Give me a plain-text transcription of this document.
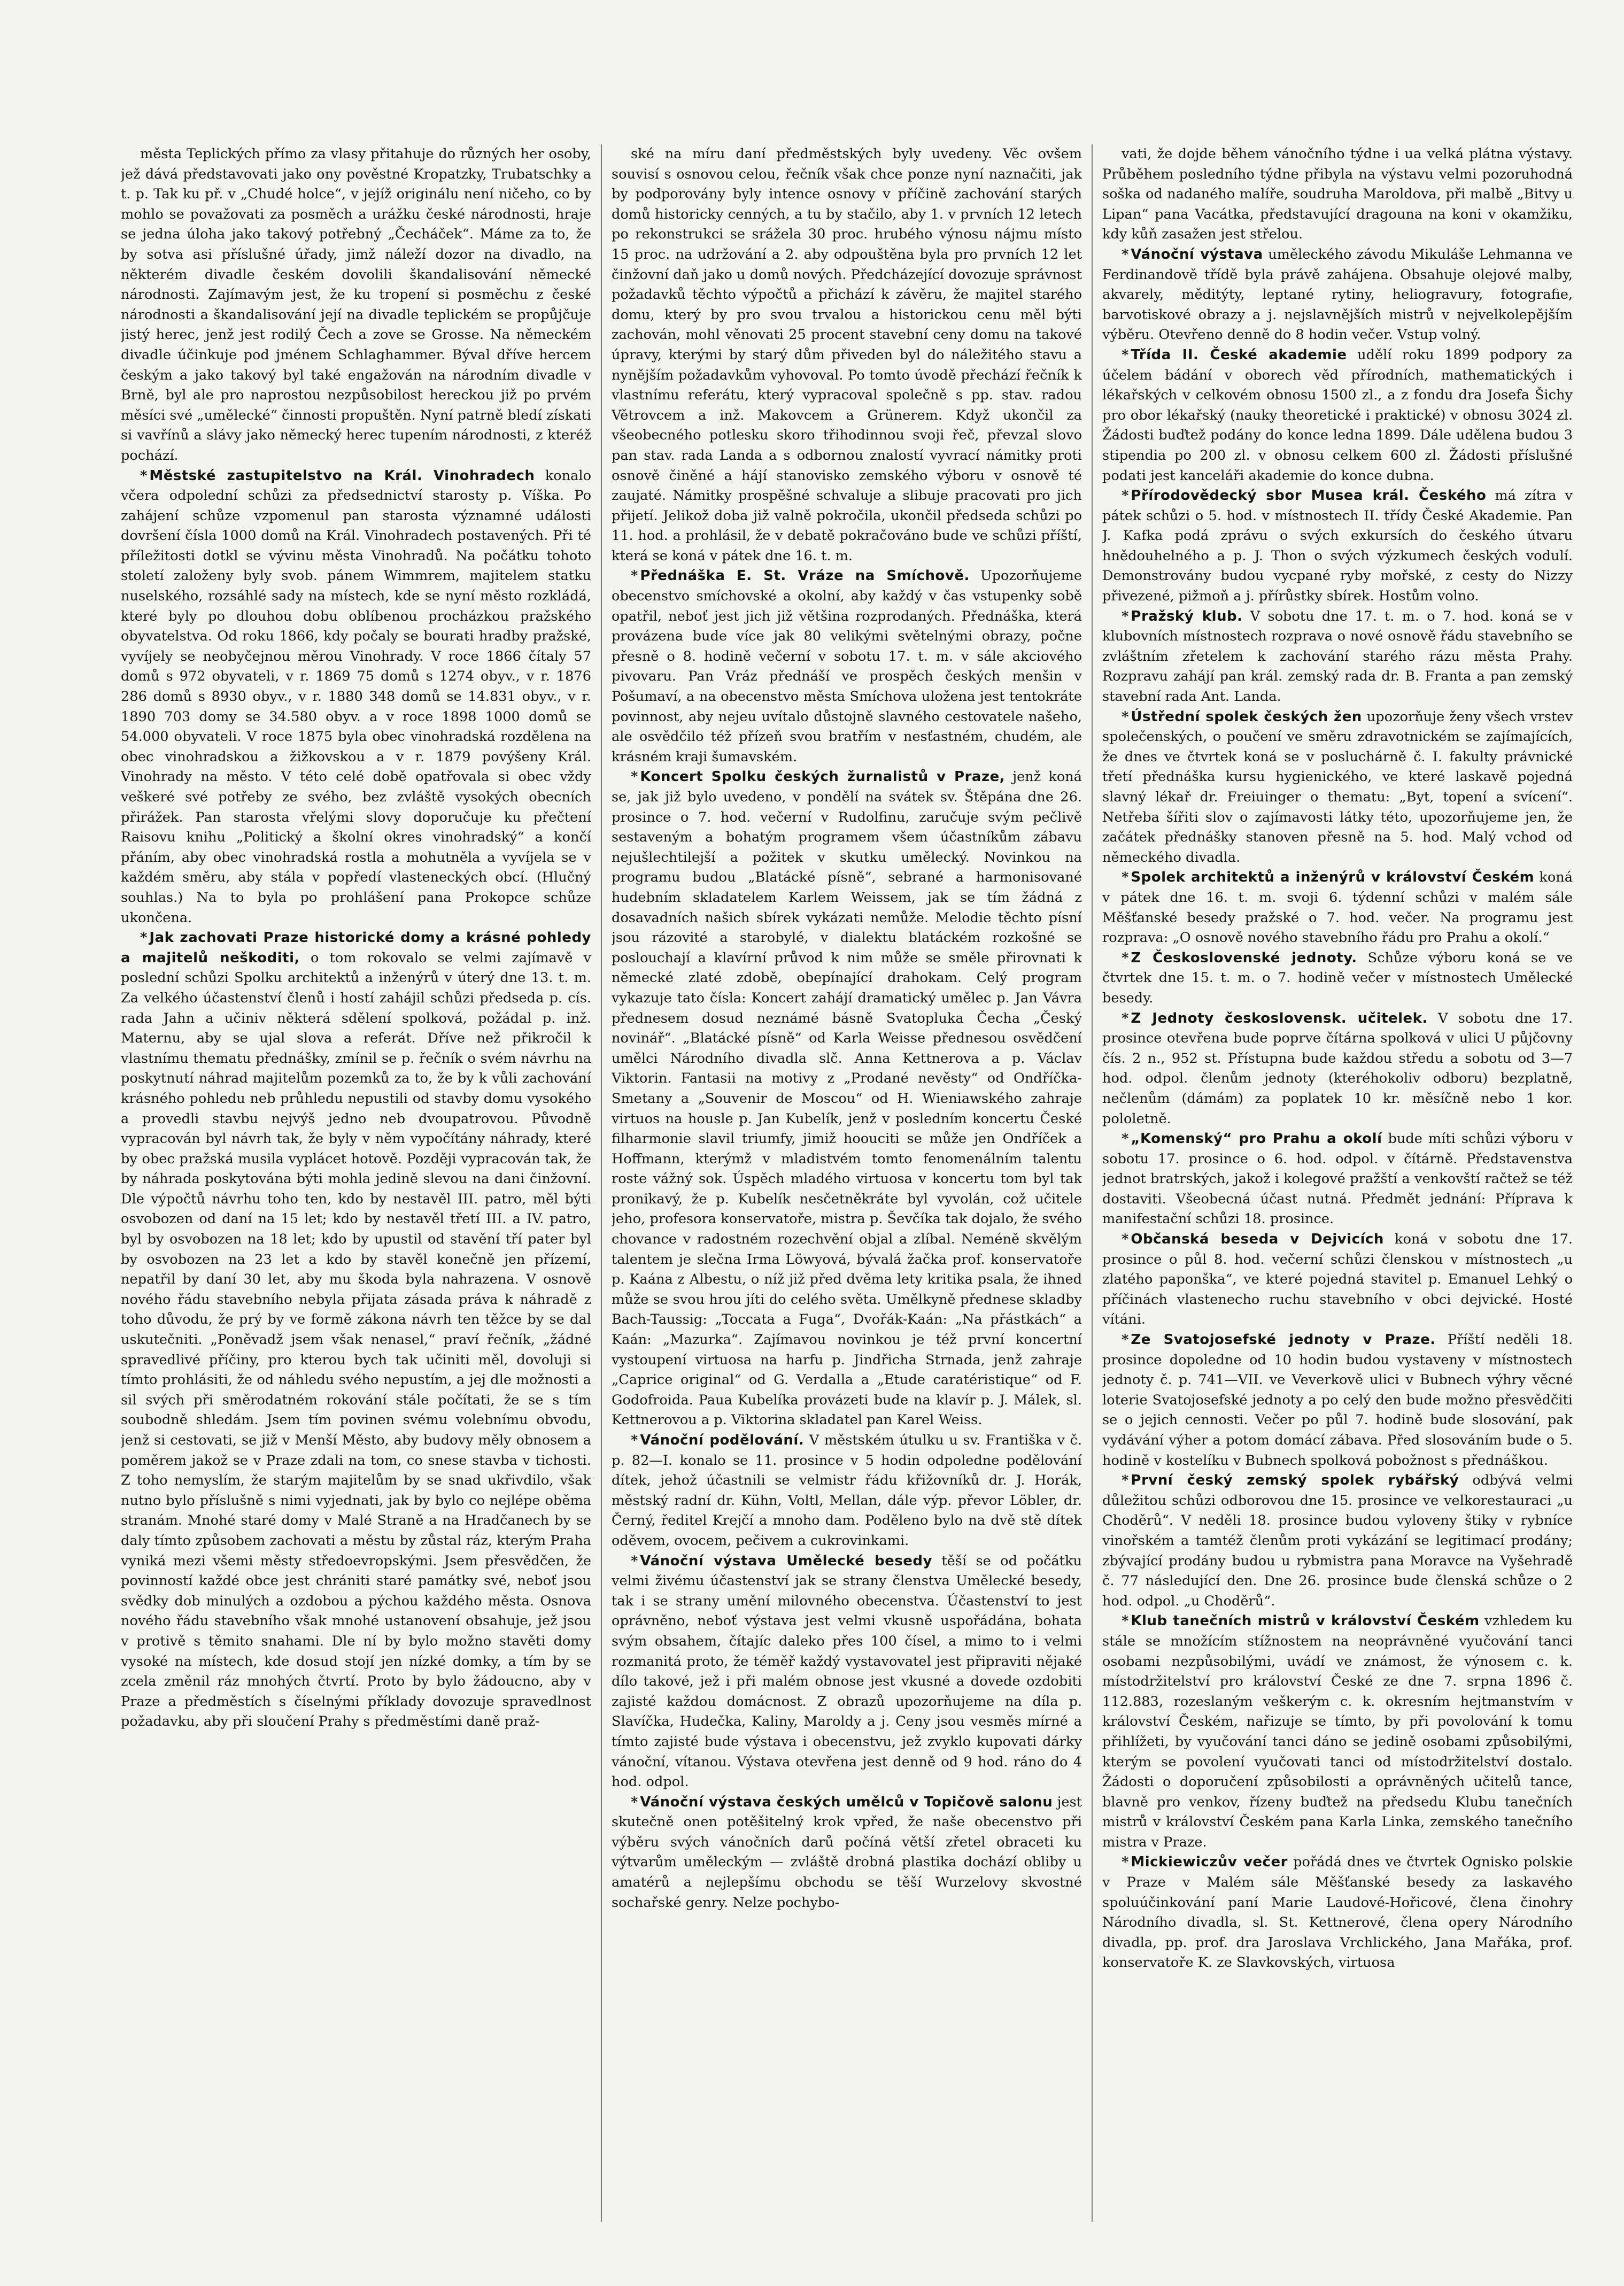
města Teplických přímo za vlasy přitahuje do různých her osoby, jež dává představovati jako ony pověstné Kropatzky, Trubatschky a t. p. Tak ku př. v „Chudé holce“, v jejíž originálu není ničeho, co by mohlo se považovati za posměch a urážku české národnosti, hraje se jedna úloha jako takový potřebný „Čecháček“. Máme za to, že by sotva asi příslušné úřady, jimž náleží dozor na divadlo, na některém divadle českém dovolili škandalisování německé národnosti. Zajímavým jest, že ku tropení si posměchu z české národnosti a škandalisování její na divadle teplickém se propůjčuje jistý herec, jenž jest rodilý Čech a zove se Grosse. Na německém divadle účinkuje pod jménem Schlaghammer. Býval dříve hercem českým a jako takový byl také engažován na národním divadle v Brně, byl ale pro naprostou nezpůsobilost hereckou již po prvém měsíci své „umělecké“ činnosti propuštěn. Nyní patrně bledí získati si vavřínů a slávy jako německý herec tupením národnosti, z kteréž pochází.

* Městské zastupitelstvo na Král. Vinohradech konalo včera odpolední schůzi za předsednictví starosty p. Víška. Po zahájení schůze vzpomenul pan starosta významné události dovršení čísla 1000 domů na Král. Vinohradech postavených. Při té příležitosti dotkl se vývinu města Vinohradů. Na počátku tohoto století založeny byly svob. pánem Wimmrem, majitelem statku nuselského, rozsáhlé sady na místech, kde se nyní město rozkládá, které byly po dlouhou dobu oblíbenou procházkou pražského obyvatelstva. Od roku 1866, kdy počaly se bourati hradby pražské, vyvíjely se neobyčejnou měrou Vinohrady. V roce 1866 čítaly 57 domů s 972 obyvateli, v r. 1869 75 domů s 1274 obyv., v r. 1876 286 domů s 8930 obyv., v r. 1880 348 domů se 14.831 obyv., v r. 1890 703 domy se 34.580 obyv. a v roce 1898 1000 domů se 54.000 obyvateli. V roce 1875 byla obec vinohradská rozdělena na obec vinohradskou a žižkovskou a v r. 1879 povýšeny Král. Vinohrady na město. V této celé době opatřovala si obec vždy veškeré své potřeby ze svého, bez zvláště vysokých obecních přirážek. Pan starosta vřelými slovy doporučuje ku přečtení Raisovu knihu „Politický a školní okres vinohradský“ a končí přáním, aby obec vinohradská rostla a mohutněla a vyvíjela se v každém směru, aby stála v popředí vlasteneckých obcí. (Hlučný souhlas.) Na to byla po prohlášení pana Prokopce schůze ukončena.

* Jak zachovati Praze historické domy a krásné pohledy a majitelů neškoditi, o tom rokovalo se velmi zajímavě v poslední schůzi Spolku architektů a inženýrů v úterý dne 13. t. m. Za velkého účastenství členů i hostí zahájil schůzi předseda p. cís. rada Jahn a učiniv některá sdělení spolková, požádal p. inž. Maternu, aby se ujal slova a referát. Dříve než přikročil k vlastnímu thematu přednášky, zmínil se p. řečník o svém návrhu na poskytnutí náhrad majitelům pozemků za to, že by k vůli zachování krásného pohledu neb průhledu nepustili od stavby domu vysokého a provedli stavbu nejvýš jedno neb dvoupatrovou. Původně vypracován byl návrh tak, že byly v něm vypočítány náhrady, které by obec pražská musila vyplácet hotově. Později vypracován tak, že by náhrada poskytována býti mohla jedině slevou na dani činžovní. Dle výpočtů návrhu toho ten, kdo by nestavěl III. patro, měl býti osvobozen od daní na 15 let; kdo by nestavěl třetí III. a IV. patro, byl by osvobozen na 18 let; kdo by upustil od stavění tří pater byl by osvobozen na 23 let a kdo by stavěl konečně jen přízemí, nepatřil by daní 30 let, aby mu škoda byla nahrazena. V osnově nového řádu stavebního nebyla přijata zásada práva k náhradě z toho důvodu, že prý by ve formě zákona návrh ten těžce by se dal uskutečniti. „Poněvadž jsem však nenasel,“ praví řečník, „žádné spravedlivé příčiny, pro kterou bych tak učiniti měl, dovoluji si tímto prohlásiti, že od náhledu svého nepustím, a jej dle možnosti a sil svých při směrodatném rokování stále počítati, že se s tím soubodně shledám. Jsem tím povinen svému volebnímu obvodu, jenž si cestovati, se již v Menší Město, aby budovy měly obnosem a poměrem jakož se v Praze zdali na tom, co snese stavba v tichosti. Z toho nemyslím, že starým majitelům by se snad ukřivdilo, však nutno bylo příslušně s nimi vyjednati, jak by bylo co nejlépe oběma stranám. Mnohé staré domy v Malé Straně a na Hradčanech by se daly tímto způsobem zachovati a městu by zůstal ráz, kterým Praha vyniká mezi všemi městy středoevropskými. Jsem přesvědčen, že povinností každé obce jest chrániti staré památky své, neboť jsou svědky dob minulých a ozdobou a pýchou každého města. Osnova nového řádu stavebního však mnohé ustanovení obsahuje, jež jsou v protivě s těmito snahami. Dle ní by bylo možno stavěti domy vysoké na místech, kde dosud stojí jen nízké domky, a tím by se zcela změnil ráz mnohých čtvrtí. Proto by bylo žádoucno, aby v Praze a předměstích s číselnými příklady dovozuje spravedlnost požadavku, aby při sloučení Prahy s předměstími daně praž-

ské na míru daní předměstských byly uvedeny. Věc ovšem souvisí s osnovou celou, řečník však chce ponze nyní naznačiti, jak by podporovány byly intence osnovy v příčině zachování starých domů historicky cenných, a tu by stačilo, aby 1. v prvních 12 letech po rekonstrukci se srážela 30 proc. hrubého výnosu nájmu místo 15 proc. na udržování a 2. aby odpouštěna byla pro prvních 12 let činžovní daň jako u domů nových. Předcházející dovozuje správnost požadavků těchto výpočtů a přichází k závěru, že majitel starého domu, který by pro svou trvalou a historickou cenu měl býti zachován, mohl věnovati 25 procent stavební ceny domu na takové úpravy, kterými by starý dům přiveden byl do náležitého stavu a nynějším požadavkům vyhovoval. Po tomto úvodě přechází řečník k vlastnímu referátu, který vypracoval společně s pp. stav. radou Větrovcem a inž. Makovcem a Grünerem. Když ukončil za všeobecného potlesku skoro třihodinnou svoji řeč, převzal slovo pan stav. rada Landa a s odbornou znalostí vyvrací námitky proti osnově činěné a hájí stanovisko zemského výboru v osnově té zaujaté. Námitky prospěšné schvaluje a slibuje pracovati pro jich přijetí. Jelikož doba již valně pokročila, ukončil předseda schůzi po 11. hod. a prohlásil, že v debatě pokračováno bude ve schůzi příští, která se koná v pátek dne 16. t. m.

* Přednáška E. St. Vráze na Smíchově. Upozorňujeme obecenstvo smíchovské a okolní, aby každý v čas vstupenky sobě opatřil, neboť jest jich již většina rozprodaných. Přednáška, která provázena bude více jak 80 velikými světelnými obrazy, počne přesně o 8. hodině večerní v sobotu 17. t. m. v sále akciového pivovaru. Pan Vráz přednáší ve prospěch českých menšin v Pošumaví, a na obecenstvo města Smíchova uložena jest tentokráte povinnost, aby nejeu uvítalo důstojně slavného cestovatele našeho, ale osvědčilo též přízeň svou bratřím v nesťastném, chudém, ale krásném kraji šumavském.

* Koncert Spolku českých žurnalistů v Praze, jenž koná se, jak již bylo uvedeno, v pondělí na svátek sv. Štěpána dne 26. prosince o 7. hod. večerní v Rudolfinu, zaručuje svým pečlivě sestaveným a bohatým programem všem účastníkům zábavu nejušlechtilejší a požitek v skutku umělecký. Novinkou na programu budou „Blatácké písně“, sebrané a harmonisované hudebním skladatelem Karlem Weissem, jak se tím žádná z dosavadních našich sbírek vykázati nemůže. Melodie těchto písní jsou rázovité a starobylé, v dialektu blatáckém rozkošné se poslouchají a klavírní průvod k nim může se směle přirovnati k německé zlaté zdobě, obepínající drahokam. Celý program vykazuje tato čísla: Koncert zahájí dramatický umělec p. Jan Vávra přednesem dosud neznámé básně Svatopluka Čecha „Český novinář“. „Blatácké písně“ od Karla Weisse přednesou osvědčení umělci Národního divadla slč. Anna Kettnerova a p. Václav Viktorin. Fantasii na motivy z „Prodané nevěsty“ od Ondříčka-Smetany a „Souvenir de Moscou“ od H. Wieniawského zahraje virtuos na housle p. Jan Kubelík, jenž v posledním koncertu České filharmonie slavil triumfy, jimiž hoouciti se může jen Ondříček a Hoffmann, kterýmž v mladistvém tomto fenomenálním talentu roste vážný sok. Úspěch mladého virtuosa v koncertu tom byl tak pronikavý, že p. Kubelík nesčetněkráte byl vyvolán, což učitele jeho, profesora konservatoře, mistra p. Ševčíka tak dojalo, že svého chovance v radostném rozechvění objal a zlíbal. Neméně skvělým talentem je slečna Irma Löwyová, bývalá žačka prof. konservatoře p. Kaána z Albestu, o níž již před dvěma lety kritika psala, že ihned může se svou hrou jíti do celého světa. Umělkyně přednese skladby Bach-Taussig: „Toccata a Fuga“, Dvořák-Kaán: „Na přástkách“ a Kaán: „Mazurka“. Zajímavou novinkou je též první koncertní vystoupení virtuosa na harfu p. Jindřicha Strnada, jenž zahraje „Caprice original“ od G. Verdalla a „Etude caratéristique“ od F. Godofroida. Paua Kubelíka provázeti bude na klavír p. J. Málek, sl. Kettnerovou a p. Viktorina skladatel pan Karel Weiss.

* Vánoční podělování. V městském útulku u sv. Františka v č. p. 82—I. konalo se 11. prosince v 5 hodin odpoledne podělování dítek, jehož účastnili se velmistr řádu křižovníků dr. J. Horák, městský radní dr. Kühn, Voltl, Mellan, dále výp. převor Löbler, dr. Černý, ředitel Krejčí a mnoho dam. Poděleno bylo na dvě stě dítek oděvem, ovocem, pečivem a cukrovinkami.

* Vánoční výstava Umělecké besedy těší se od počátku velmi živému účastenství jak se strany členstva Umělecké besedy, tak i se strany umění milovného obecenstva. Účastenství to jest oprávněno, neboť výstava jest velmi vkusně uspořádána, bohata svým obsahem, čítajíc daleko přes 100 čísel, a mimo to i velmi rozmanitá proto, že téměř každý vystavovatel jest připraviti nějaké dílo takové, jež i při malém obnose jest vkusné a dovede ozdobiti zajisté každou domácnost. Z obrazů upozorňujeme na díla p. Slavíčka, Hudečka, Kaliny, Maroldy a j. Ceny jsou vesměs mírné a tímto zajisté bude výstava i obecenstvu, jež zvyklo kupovati dárky vánoční, vítanou. Výstava otevřena jest denně od 9 hod. ráno do 4 hod. odpol.

* Vánoční výstava českých umělců v Topičově salonu jest skutečně onen potěšitelný krok vpřed, že naše obecenstvo při výběru svých vánočních darů počíná větší zřetel obraceti ku výtvarům uměleckým — zvláště drobná plastika dochází obliby u amatérů a nejlepšímu obchodu se těší Wurzelovy skvostné sochařské genry. Nelze pochybo-

vati, že dojde během vánočního týdne i ua velká plátna výstavy. Průběhem posledního týdne přibyla na výstavu velmi pozoruhodná soška od nadaného malíře, soudruha Maroldova, při malbě „Bitvy u Lipan“ pana Vacátka, představující dragouna na koni v okamžiku, kdy kůň zasažen jest střelou.

* Vánoční výstava uměleckého závodu Mikuláše Lehmanna ve Ferdinandově třídě byla právě zahájena. Obsahuje olejové malby, akvarely, měditýty, leptané rytiny, heliogravury, fotografie, barvotiskové obrazy a j. nejslavnějších mistrů v nejvelkolepějším výběru. Otevřeno denně do 8 hodin večer. Vstup volný.

* Třída II. České akademie udělí roku 1899 podpory za účelem bádání v oborech věd přírodních, mathematických i lékařských v celkovém obnosu 1500 zl., a z fondu dra Josefa Šichy pro obor lékařský (nauky theoretické i praktické) v obnosu 3024 zl. Žádosti buďtež podány do konce ledna 1899. Dále udělena budou 3 stipendia po 200 zl. v obnosu celkem 600 zl. Žádosti příslušné podati jest kanceláři akademie do konce dubna.

* Přírodovědecký sbor Musea král. Českého má zítra v pátek schůzi o 5. hod. v místnostech II. třídy České Akademie. Pan J. Kafka podá zprávu o svých exkursích do českého útvaru hnědouhelného a p. J. Thon o svých výzkumech českých vodulí. Demonstrovány budou vycpané ryby mořské, z cesty do Nizzy přivezené, pižmoň a j. přírůstky sbírek. Hostům volno.

* Pražský klub. V sobotu dne 17. t. m. o 7. hod. koná se v klubovních místnostech rozprava o nové osnově řádu stavebního se zvláštním zřetelem k zachování starého rázu města Prahy. Rozpravu zahájí pan král. zemský rada dr. B. Franta a pan zemský stavební rada Ant. Landa.

* Ústřední spolek českých žen upozorňuje ženy všech vrstev společenských, o poučení ve směru zdravotnickém se zajímajících, že dnes ve čtvrtek koná se v posluchárně č. I. fakulty právnické třetí přednáška kursu hygienického, ve které laskavě pojedná slavný lékař dr. Freiuinger o thematu: „Byt, topení a svícení“. Netřeba šířiti slov o zajímavosti látky této, upozorňujeme jen, že začátek přednášky stanoven přesně na 5. hod. Malý vchod od německého divadla.

* Spolek architektů a inženýrů v království Českém koná v pátek dne 16. t. m. svoji 6. týdenní schůzi v malém sále Měšťanské besedy pražské o 7. hod. večer. Na programu jest rozprava: „O osnově nového stavebního řádu pro Prahu a okolí.“

* Z Československé jednoty. Schůze výboru koná se ve čtvrtek dne 15. t. m. o 7. hodině večer v místnostech Umělecké besedy.

* Z Jednoty československ. učitelek. V sobotu dne 17. prosince otevřena bude poprve čítárna spolková v ulici U půjčovny čís. 2 n., 952 st. Přístupna bude každou středu a sobotu od 3—7 hod. odpol. členům jednoty (kteréhokoliv odboru) bezplatně, nečlenům (dámám) za poplatek 10 kr. měsíčně nebo 1 kor. pololetně.

* „Komenský“ pro Prahu a okolí bude míti schůzi výboru v sobotu 17. prosince o 6. hod. odpol. v čítárně. Představenstva jednot bratrských, jakož i kolegové pražští a venkovští račtež se též dostaviti. Všeobecná účast nutná. Předmět jednání: Příprava k manifestační schůzi 18. prosince.

* Občanská beseda v Dejvicích koná v sobotu dne 17. prosince o půl 8. hod. večerní schůzi členskou v místnostech „u zlatého paponška“, ve které pojedná stavitel p. Emanuel Lehký o příčinách vlastenecho ruchu stavebního v obci dejvické. Hosté vítáni.

* Ze Svatojosefské jednoty v Praze. Příští neděli 18. prosince dopoledne od 10 hodin budou vystaveny v místnostech jednoty č. p. 741—VII. ve Veverkově ulici v Bubnech výhry věcné loterie Svatojosefské jednoty a po celý den bude možno přesvědčiti se o jejich cennosti. Večer po půl 7. hodině bude slosování, pak vydávání výher a potom domácí zábava. Před slosováním bude o 5. hodině v kostelíku v Bubnech spolková pobožnost s přednáškou.

* První český zemský spolek rybářský odbývá velmi důležitou schůzi odborovou dne 15. prosince ve velkorestauraci „u Choděrů“. V neděli 18. prosince budou vyloveny štiky v rybníce vinořském a tamtéž členům proti vykázání se legitimací prodány; zbývající prodány budou u rybmistra pana Moravce na Vyšehradě č. 77 následující den. Dne 26. prosince bude členská schůze o 2 hod. odpol. „u Choděrů“.

* Klub tanečních mistrů v království Českém vzhledem ku stále se množícím stížnostem na neoprávněné vyučování tanci osobami nezpůsobilými, uvádí ve známost, že výnosem c. k. místodržitelství pro království České ze dne 7. srpna 1896 č. 112.883, rozeslaným veškerým c. k. okresním hejtmanstvím v království Českém, nařizuje se tímto, by při povolování k tomu přihlížeti, by vyučování tanci dáno se jedině osobami způsobilými, kterým se povolení vyučovati tanci od místodržitelství dostalo. Žádosti o doporučení způsobilosti a oprávněných učitelů tance, blavně pro venkov, řízeny buďtež na předsedu Klubu tanečních mistrů v království Českém pana Karla Linka, zemského tanečního mistra v Praze.

* Mickiewiczův večer pořádá dnes ve čtvrtek Ognisko polskie v Praze v Malém sále Měšťanské besedy za laskavého spoluúčinkování paní Marie Laudové-Hořicové, člena činohry Národního divadla, sl. St. Kettnerové, člena opery Národního divadla, pp. prof. dra Jaroslava Vrchlického, Jana Mařáka, prof. konservatoře K. ze Slavkovských, virtuosa
